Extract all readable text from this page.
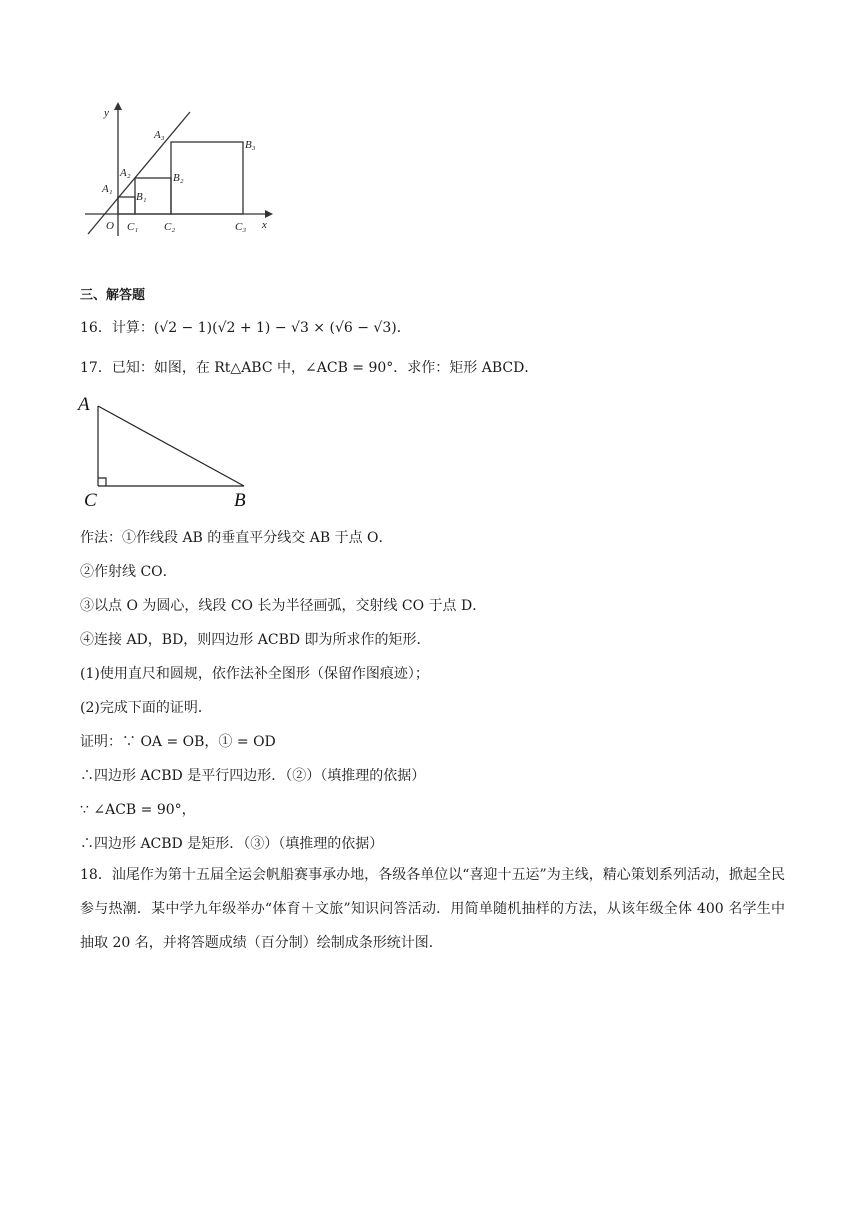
y
x
O
A₁
A₂
A₃
B₁
B₂
B₃
C₁ C₂	C₃
三、解答题
16．计算：(√2 − 1)(√2 + 1) − √3 × (√6 − √3)．
17．已知：如图，在 Rt△ABC 中，∠ACB = 90°．求作：矩形 ABCD．
A
C	B
作法：①作线段 AB 的垂直平分线交 AB 于点 O．
②作射线 CO．
③以点 O 为圆心，线段 CO 长为半径画弧，交射线 CO 于点 D．
④连接 AD，BD，则四边形 ACBD 即为所求作的矩形．
(1)使用直尺和圆规，依作法补全图形（保留作图痕迹）；
(2)完成下面的证明．
证明：∵ OA = OB，① = OD
∴四边形 ACBD 是平行四边形．（②）（填推理的依据）
∵ ∠ACB = 90°，
∴四边形 ACBD 是矩形．（③）（填推理的依据）
18．汕尾作为第十五届全运会帆船赛事承办地，各级各单位以“喜迎十五运”为主线，精心策划系列活动，掀起全民参与热潮．某中学九年级举办“体育＋文旅”知识问答活动．用简单随机抽样的方法，从该年级全体 400 名学生中抽取 20 名，并将答题成绩（百分制）绘制成条形统计图．
